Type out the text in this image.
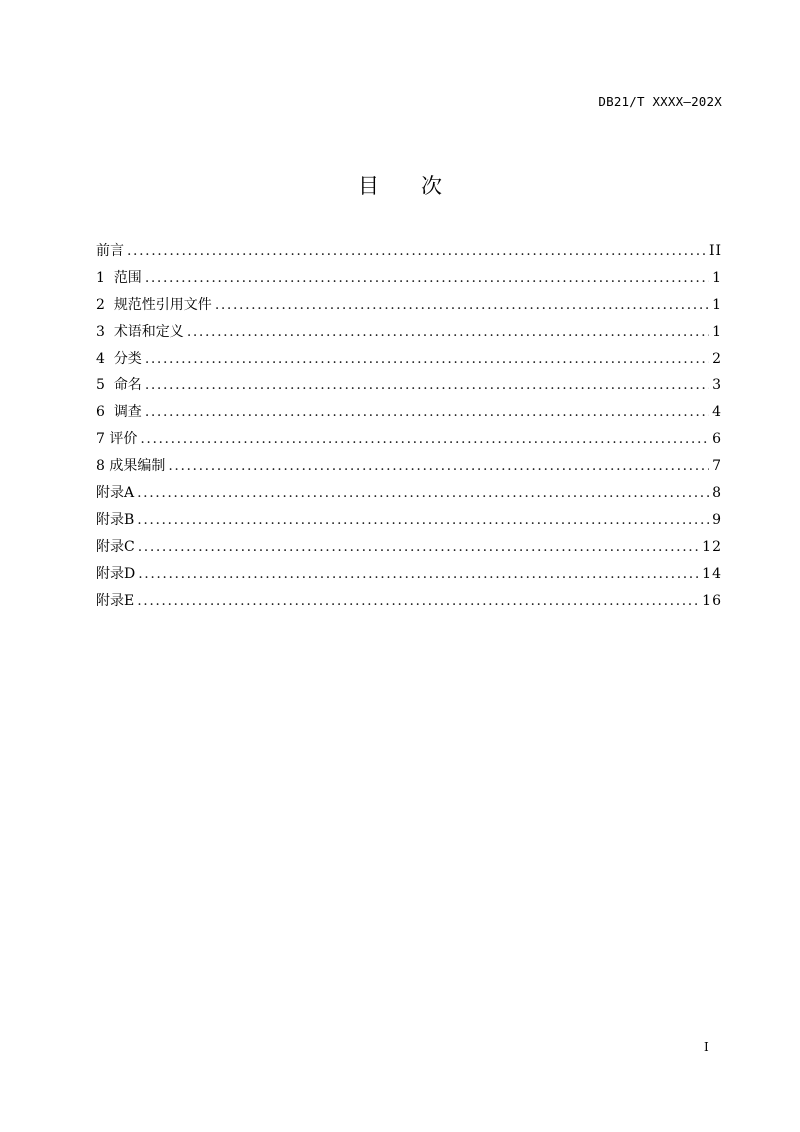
DB21/T XXXX—202X
目 次
前言 .....	II
1 范围 .....	1
2 规范性引用文件 .....	1
3 术语和定义 .....	1
4 分类 .....	2
5 命名 .....	3
6 调查 .....	4
7 评价 .....	6
8 成果编制 .....	7
附录A .....	8
附录B .....	9
附录C .....	12
附录D .....	14
附录E .....	16
I
